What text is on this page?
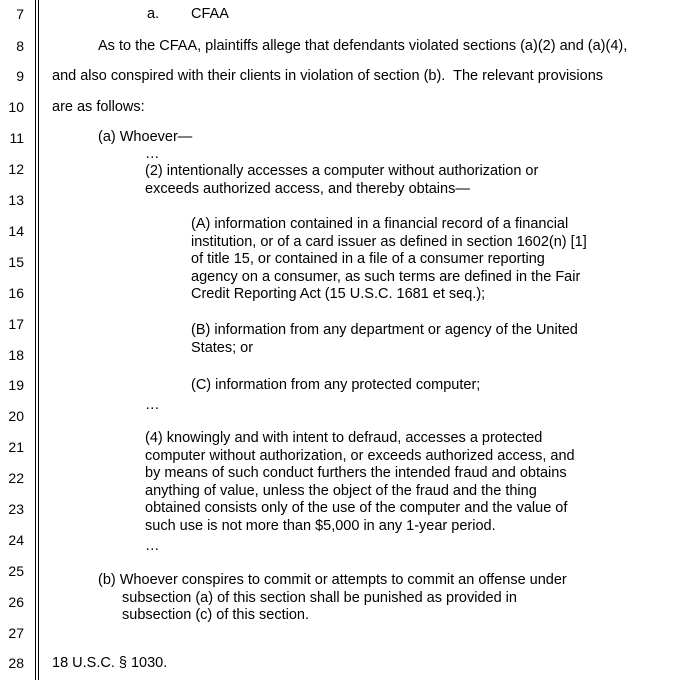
7
8
9
10
11
12
13
14
15
16
17
18
19
20
21
22
23
24
25
26
27
28
a. CFAA
As to the CFAA, plaintiffs allege that defendants violated sections (a)(2) and (a)(4),
and also conspired with their clients in violation of section (b).  The relevant provisions
are as follows:
(a) Whoever—
…
(2) intentionally accesses a computer without authorization or
exceeds authorized access, and thereby obtains—
(A) information contained in a financial record of a financial
institution, or of a card issuer as defined in section 1602(n) [1]
of title 15, or contained in a file of a consumer reporting
agency on a consumer, as such terms are defined in the Fair
Credit Reporting Act (15 U.S.C. 1681 et seq.);
(B) information from any department or agency of the United
States; or
(C) information from any protected computer;
…
(4) knowingly and with intent to defraud, accesses a protected
computer without authorization, or exceeds authorized access, and
by means of such conduct furthers the intended fraud and obtains
anything of value, unless the object of the fraud and the thing
obtained consists only of the use of the computer and the value of
such use is not more than $5,000 in any 1-year period.
…
(b) Whoever conspires to commit or attempts to commit an offense under
subsection (a) of this section shall be punished as provided in
subsection (c) of this section.
18 U.S.C. § 1030.
